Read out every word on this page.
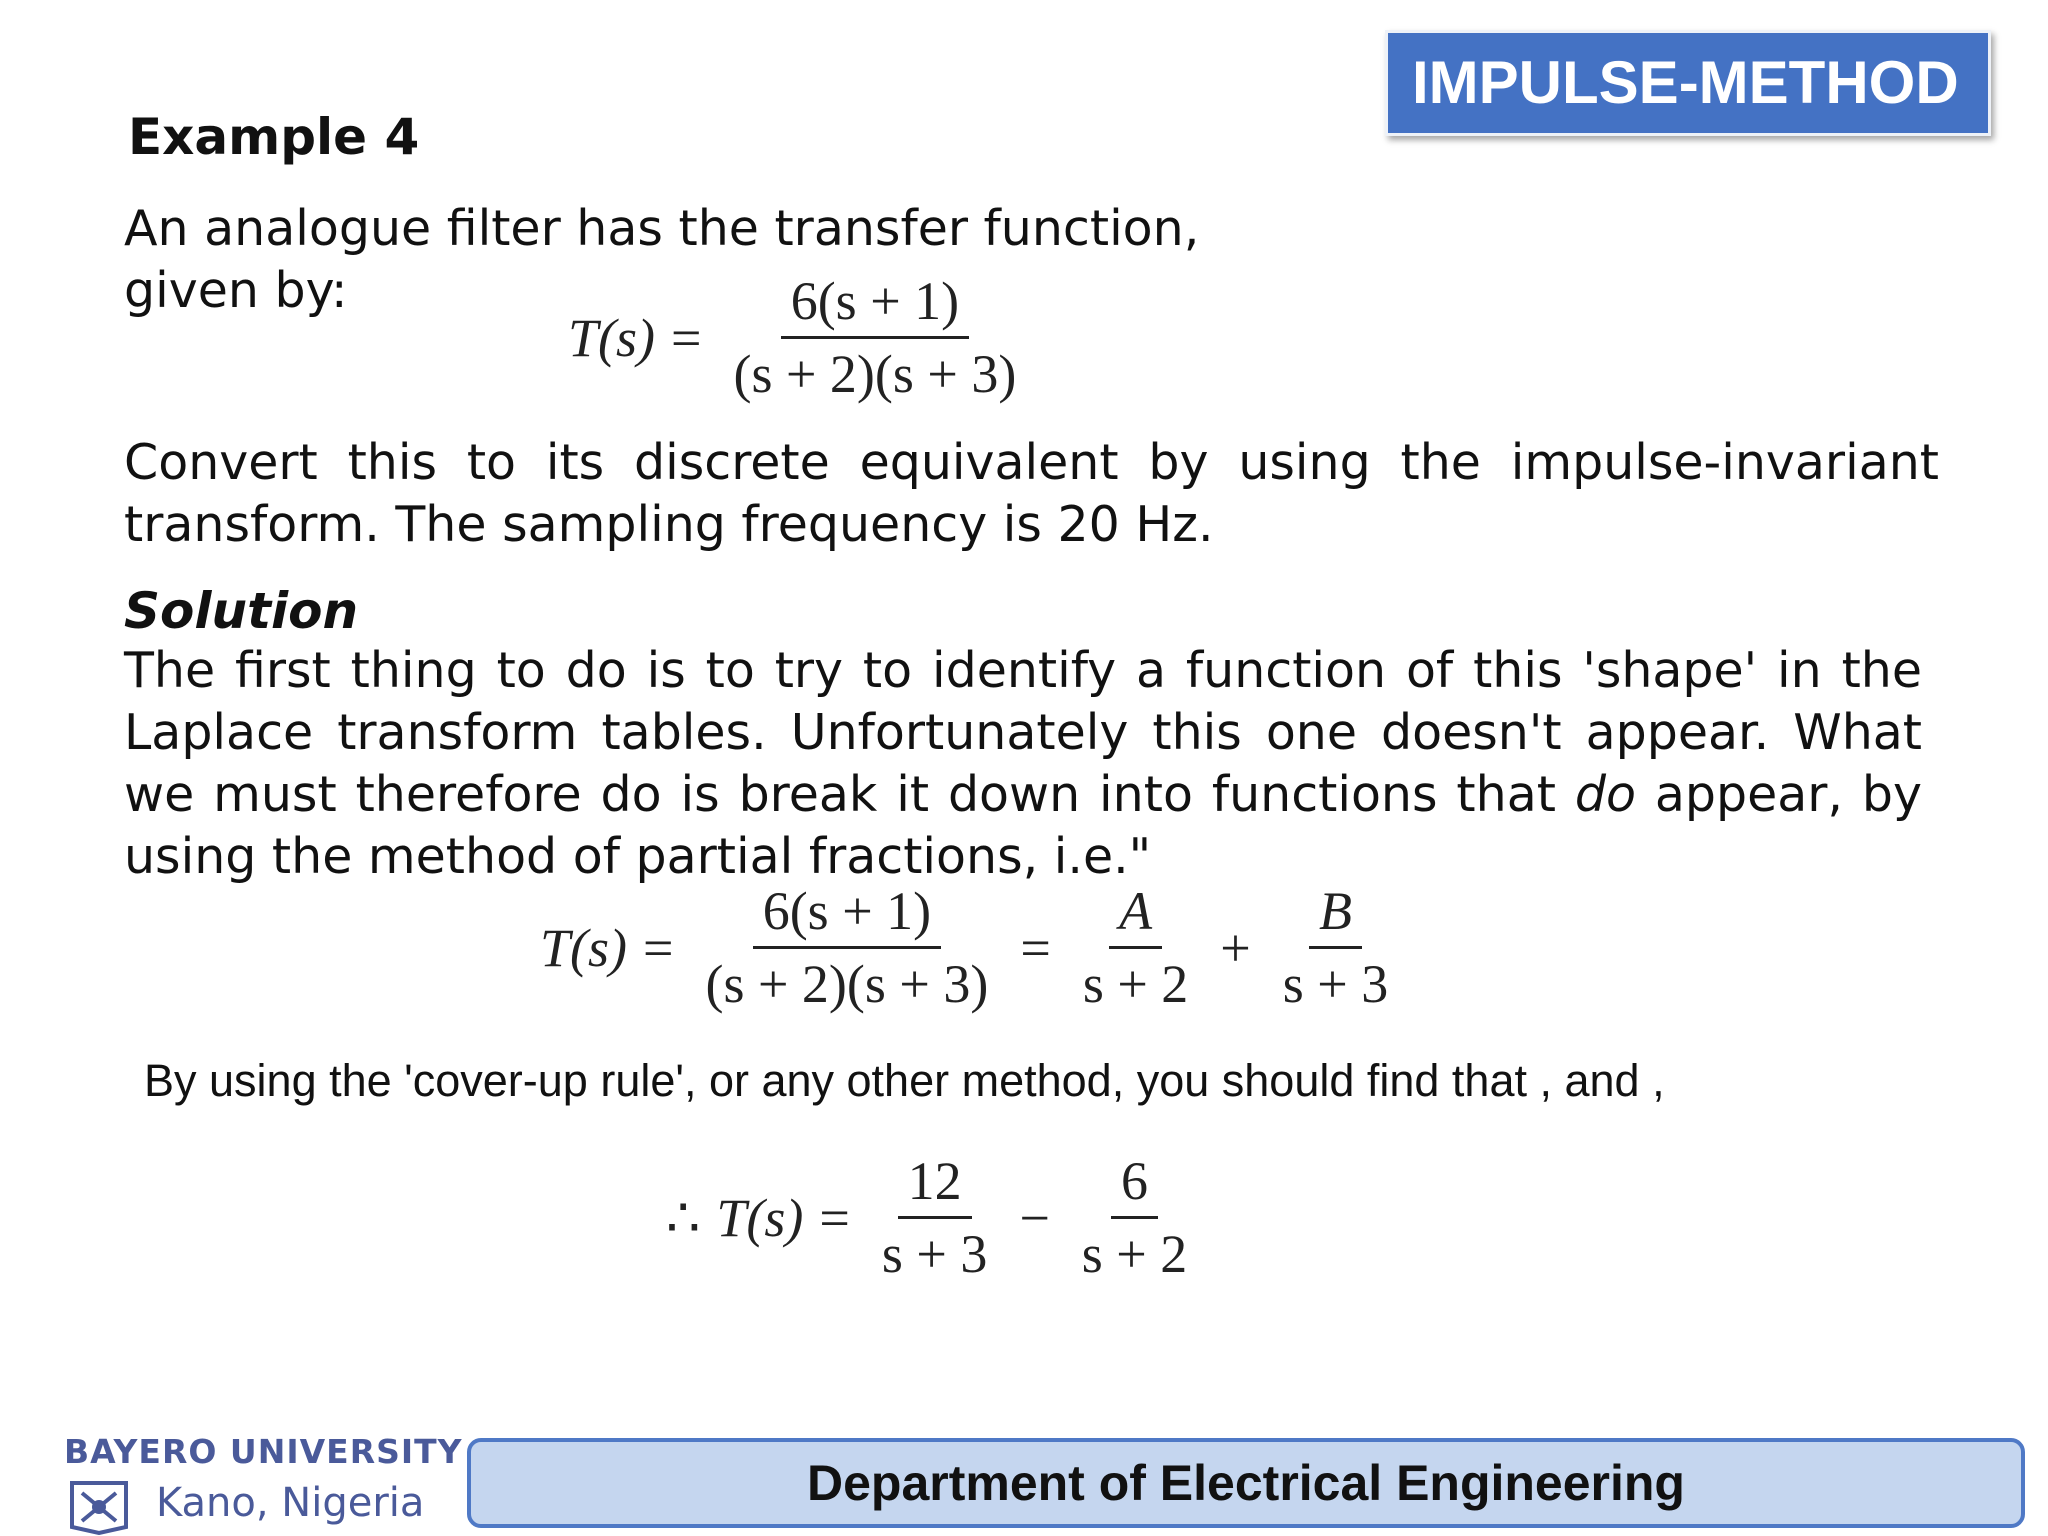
IMPULSE-METHOD
Example 4
An analogue filter has the transfer function,
given by:
$T(s) = \frac{6(s + 1)}{(s + 2)(s + 3)}$
Convert this to its discrete equivalent by using the impulse-invariant transform. The sampling frequency is 20 Hz.
Solution
The first thing to do is to try to identify a function of this 'shape' in the Laplace transform tables. Unfortunately this one doesn't appear. What we must therefore do is break it down into functions that do appear, by using the method of partial fractions, i.e."
$T(s) = \frac{6(s + 1)}{(s + 2)(s + 3)} = \frac{A}{s + 2} + \frac{B}{s + 3}$
By using the 'cover-up rule', or any other method, you should find that , and ,
∴ $T(s) = \frac{12}{s + 3} - \frac{6}{s + 2}$
BAYERO UNIVERSITY
Kano, Nigeria	Department of Electrical Engineering
